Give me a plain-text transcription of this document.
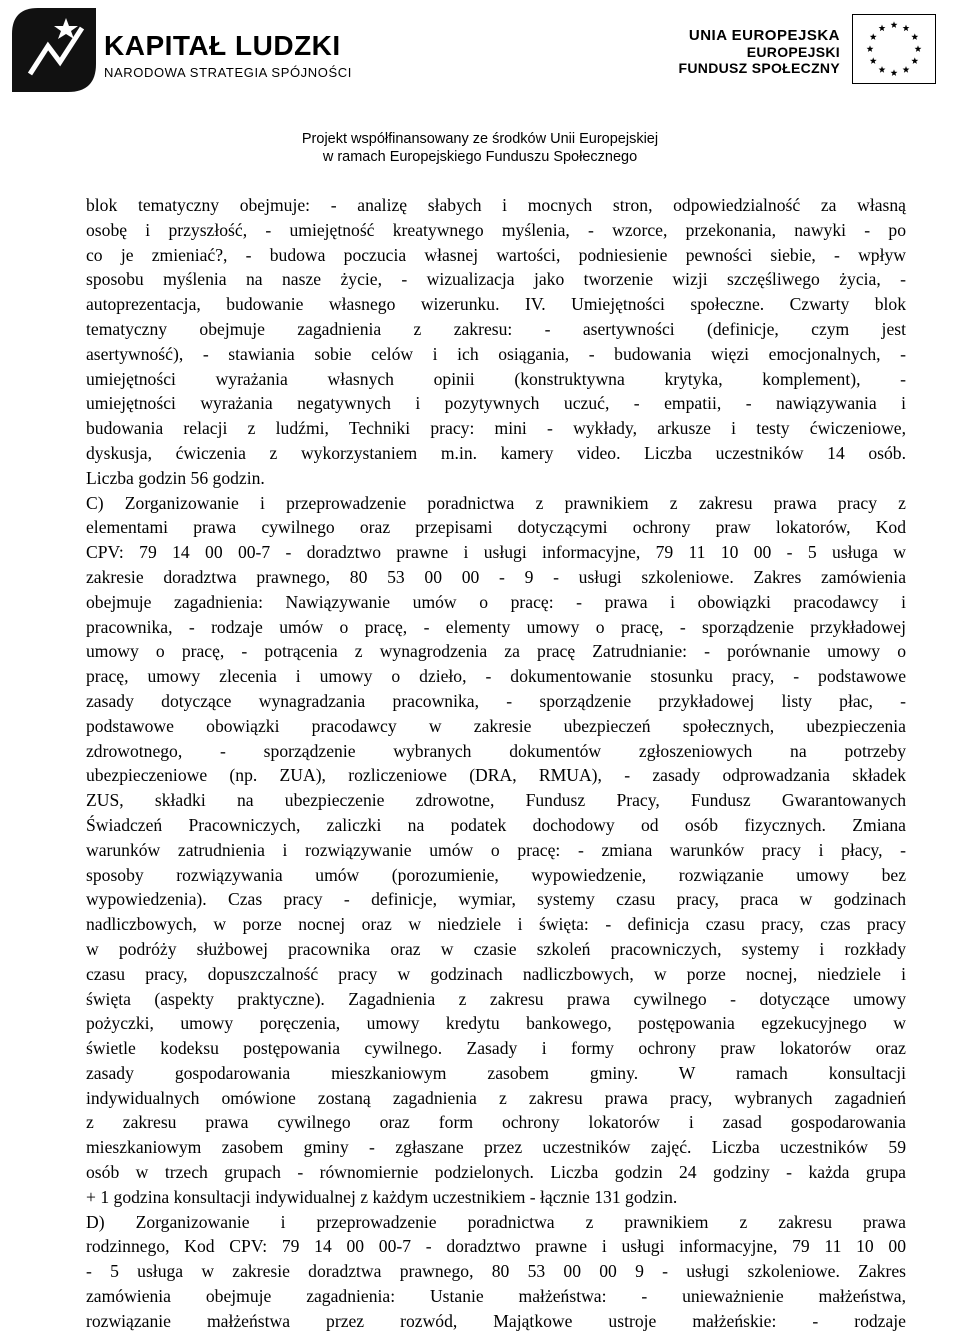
KAPITAŁ LUDZKI
NARODOWA STRATEGIA SPÓJNOŚCI
UNIA EUROPEJSKA
EUROPEJSKI
FUNDUSZ SPOŁECZNY
Projekt współfinansowany ze środków Unii Europejskiej
w ramach Europejskiego Funduszu Społecznego
blok tematyczny obejmuje: - analizę słabych i mocnych stron, odpowiedzialność za własną
osobę i przyszłość, - umiejętność kreatywnego myślenia, - wzorce, przekonania, nawyki - po
co je zmieniać?, - budowa poczucia własnej wartości, podniesienie pewności siebie, - wpływ
sposobu myślenia na nasze życie, - wizualizacja jako tworzenie wizji szczęśliwego życia, -
autoprezentacja, budowanie własnego wizerunku. IV. Umiejętności społeczne. Czwarty blok
tematyczny obejmuje zagadnienia z zakresu: - asertywności (definicje, czym jest
asertywność), - stawiania sobie celów i ich osiągania, - budowania więzi emocjonalnych, -
umiejętności wyrażania własnych opinii (konstruktywna krytyka, komplement), -
umiejętności wyrażania negatywnych i pozytywnych uczuć, - empatii, - nawiązywania i
budowania relacji z ludźmi, Techniki pracy: mini - wykłady, arkusze i testy ćwiczeniowe,
dyskusja, ćwiczenia z wykorzystaniem m.in. kamery video. Liczba uczestników 14 osób.
Liczba godzin 56 godzin.
C) Zorganizowanie i przeprowadzenie poradnictwa z prawnikiem z zakresu prawa pracy z
elementami prawa cywilnego oraz przepisami dotyczącymi ochrony praw lokatorów, Kod
CPV: 79 14 00 00-7 - doradztwo prawne i usługi informacyjne, 79 11 10 00 - 5 usługa w
zakresie doradztwa prawnego, 80 53 00 00 - 9 - usługi szkoleniowe. Zakres zamówienia
obejmuje zagadnienia: Nawiązywanie umów o pracę: - prawa i obowiązki pracodawcy i
pracownika, - rodzaje umów o pracę, - elementy umowy o pracę, - sporządzenie przykładowej
umowy o pracę, - potrącenia z wynagrodzenia za pracę Zatrudnianie: - porównanie umowy o
pracę, umowy zlecenia i umowy o dzieło, - dokumentowanie stosunku pracy, - podstawowe
zasady dotyczące wynagradzania pracownika, - sporządzenie przykładowej listy płac, -
podstawowe obowiązki pracodawcy w zakresie ubezpieczeń społecznych, ubezpieczenia
zdrowotnego, - sporządzenie wybranych dokumentów zgłoszeniowych na potrzeby
ubezpieczeniowe (np. ZUA), rozliczeniowe (DRA, RMUA), - zasady odprowadzania składek
ZUS, składki na ubezpieczenie zdrowotne, Fundusz Pracy, Fundusz Gwarantowanych
Świadczeń Pracowniczych, zaliczki na podatek dochodowy od osób fizycznych. Zmiana
warunków zatrudnienia i rozwiązywanie umów o pracę: - zmiana warunków pracy i płacy, -
sposoby rozwiązywania umów (porozumienie, wypowiedzenie, rozwiązanie umowy bez
wypowiedzenia). Czas pracy - definicje, wymiar, systemy czasu pracy, praca w godzinach
nadliczbowych, w porze nocnej oraz w niedziele i święta: - definicja czasu pracy, czas pracy
w podróży służbowej pracownika oraz w czasie szkoleń pracowniczych, systemy i rozkłady
czasu pracy, dopuszczalność pracy w godzinach nadliczbowych, w porze nocnej, niedziele i
święta (aspekty praktyczne). Zagadnienia z zakresu prawa cywilnego - dotyczące umowy
pożyczki, umowy poręczenia, umowy kredytu bankowego, postępowania egzekucyjnego w
świetle kodeksu postępowania cywilnego. Zasady i formy ochrony praw lokatorów oraz
zasady gospodarowania mieszkaniowym zasobem gminy. W ramach konsultacji
indywidualnych omówione zostaną zagadnienia z zakresu prawa pracy, wybranych zagadnień
z zakresu prawa cywilnego oraz form ochrony lokatorów i zasad gospodarowania
mieszkaniowym zasobem gminy - zgłaszane przez uczestników zajęć. Liczba uczestników 59
osób w trzech grupach - równomiernie podzielonych. Liczba godzin 24 godziny - każda grupa
+ 1 godzina konsultacji indywidualnej z każdym uczestnikiem - łącznie 131 godzin.
D) Zorganizowanie i przeprowadzenie poradnictwa z prawnikiem z zakresu prawa
rodzinnego, Kod CPV: 79 14 00 00-7 - doradztwo prawne i usługi informacyjne, 79 11 10 00
- 5 usługa w zakresie doradztwa prawnego, 80 53 00 00 9 - usługi szkoleniowe. Zakres
zamówienia obejmuje zagadnienia: Ustanie małżeństwa: - unieważnienie małżeństwa,
rozwiązanie małżeństwa przez rozwód, Majątkowe ustroje małżeńskie: - rodzaje
